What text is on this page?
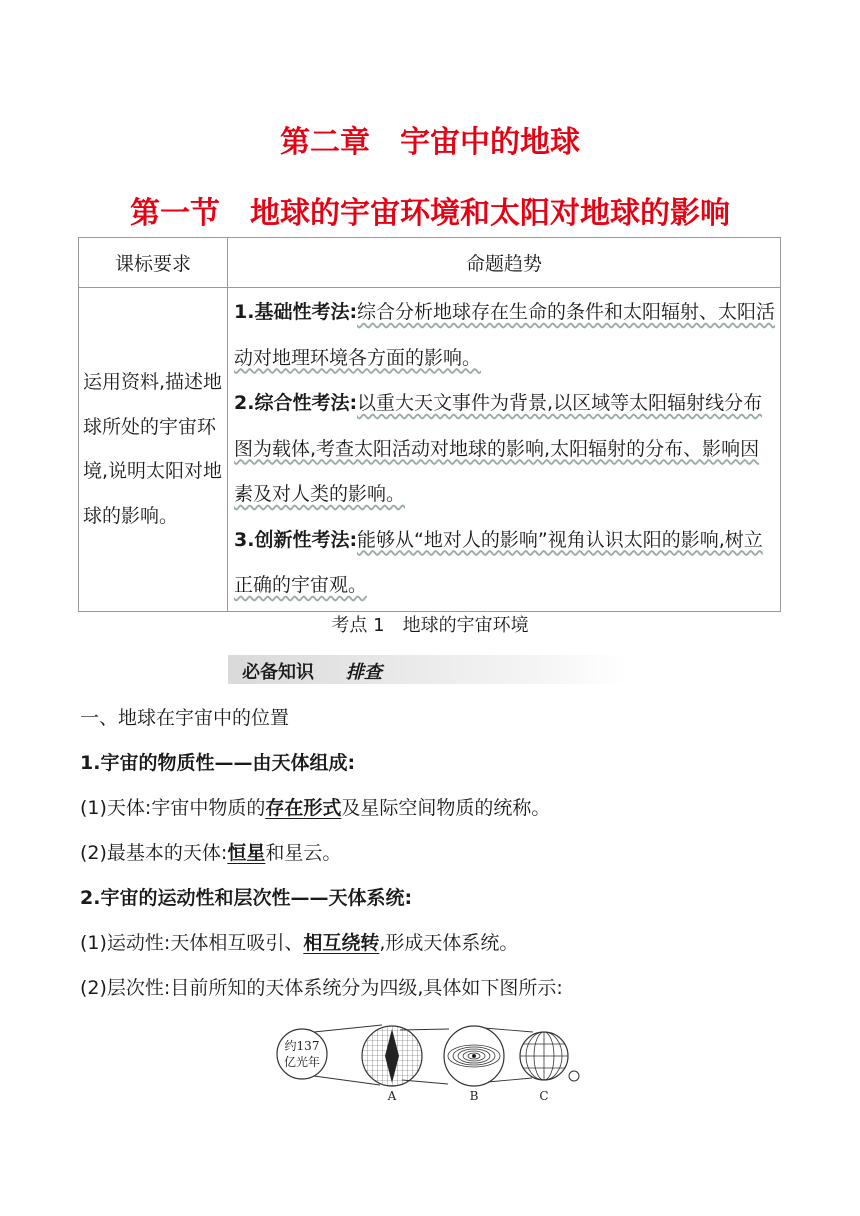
第二章　宇宙中的地球
第一节　地球的宇宙环境和太阳对地球的影响
课标要求	命题趋势
运用资料,描述地球所处的宇宙环境,说明太阳对地球的影响。	1.基础性考法:综合分析地球存在生命的条件和太阳辐射、太阳活动对地理环境各方面的影响。
2.综合性考法:以重大天文事件为背景,以区域等太阳辐射线分布图为载体,考查太阳活动对地球的影响,太阳辐射的分布、影响因素及对人类的影响。
3.创新性考法:能够从“地对人的影响”视角认识太阳的影响,树立正确的宇宙观。
考点 1　地球的宇宙环境
必备知识 排查
一、地球在宇宙中的位置
1.宇宙的物质性——由天体组成:
(1)天体:宇宙中物质的存在形式及星际空间物质的统称。
(2)最基本的天体:恒星和星云。
2.宇宙的运动性和层次性——天体系统:
(1)运动性:天体相互吸引、相互绕转,形成天体系统。
(2)层次性:目前所知的天体系统分为四级,具体如下图所示:
约137
亿光年
A	B	C
